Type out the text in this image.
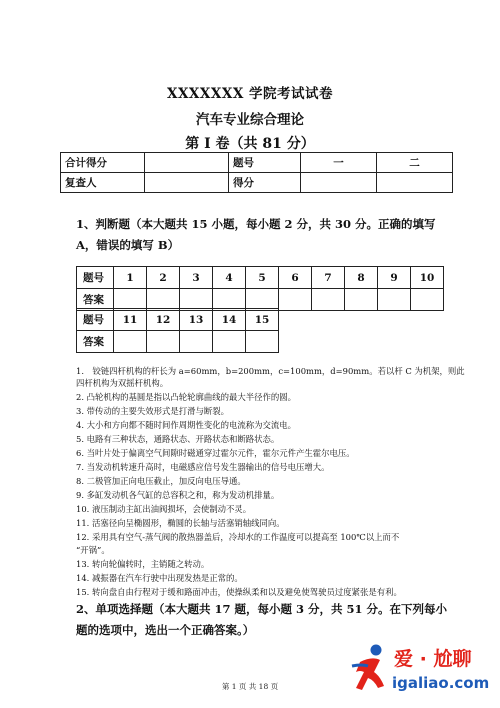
XXXXXXX 学院考试试卷
汽车专业综合理论
第 I 卷（共 81 分）
合计得分		题号	一	二
复查人		得分		
1、判断题（本大题共 15 小题，每小题 2 分，共 30 分。正确的填写 A，错误的填写 B）
题号	1	2	3	4	5	6	7	8	9	10
答案										
题号	11	12	13	14	15
答案					
1.　铰链四杆机构的杆长为 a=60mm，b=200mm，c=100mm，d=90mm。若以杆 C 为机架，则此
四杆机构为双摇杆机构。
2. 凸轮机构的基圆是指以凸轮轮廓曲线的最大半径作的圆。
3. 带传动的主要失效形式是打滑与断裂。
4. 大小和方向都不随时间作周期性变化的电流称为交流电。
5. 电路有三种状态，通路状态、开路状态和断路状态。
6. 当叶片处于偏离空气间隙时磁通穿过霍尔元件，霍尔元件产生霍尔电压。
7. 当发动机转速升高时，电磁感应信号发生器输出的信号电压增大。
8. 二极管加正向电压截止，加反向电压导通。
9. 多缸发动机各气缸的总容积之和，称为发动机排量。
10. 液压制动主缸出油阀损坏，会使制动不灵。
11. 活塞径向呈椭圆形，椭圆的长轴与活塞销轴线同向。
12. 采用具有空气-蒸气阀的散热器盖后，冷却水的工作温度可以提高至 100℃以上而不
“开锅”。
13. 转向轮偏转时，主销随之转动。
14. 减振器在汽车行驶中出现发热是正常的。
15. 转向盘自由行程对于缓和路面冲击，使操纵柔和以及避免使驾驶员过度紧张是有利。
2、单项选择题（本大题共 17 题，每小题 3 分，共 51 分。在下列每小题的选项中，选出一个正确答案。）
第 1 页 共 18 页
爱 · 尬聊
igaliao.com
